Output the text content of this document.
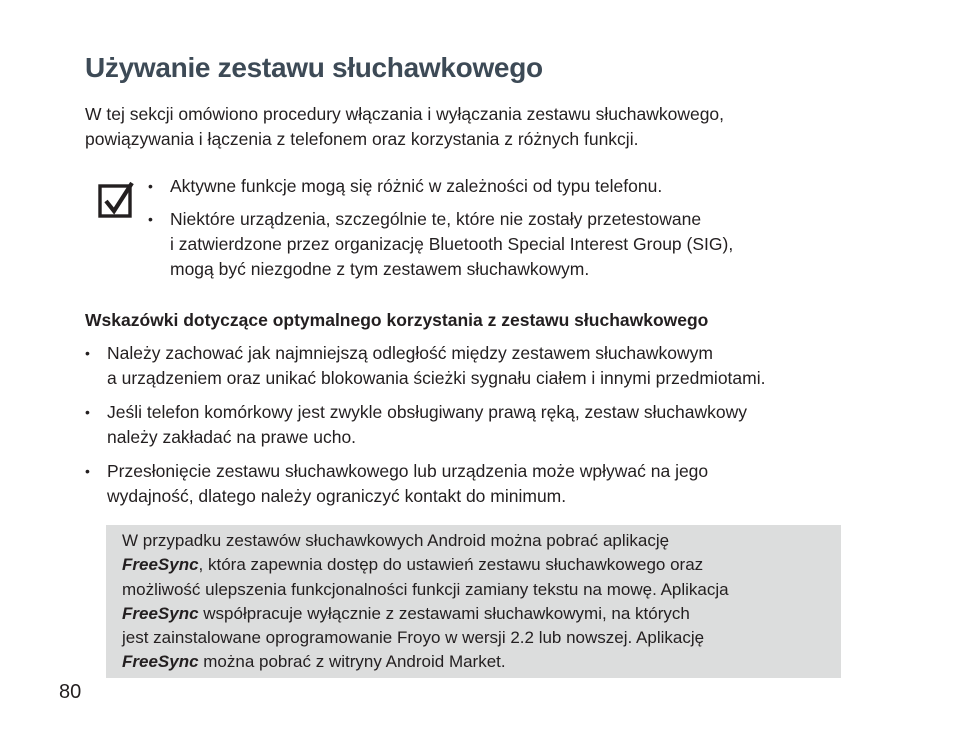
Używanie zestawu słuchawkowego

W tej sekcji omówiono procedury włączania i wyłączania zestawu słuchawkowego,
powiązywania i łączenia z telefonem oraz korzystania z różnych funkcji.

• Aktywne funkcje mogą się różnić w zależności od typu telefonu.
• Niektóre urządzenia, szczególnie te, które nie zostały przetestowane
i zatwierdzone przez organizację Bluetooth Special Interest Group (SIG),
mogą być niezgodne z tym zestawem słuchawkowym.
Wskazówki dotyczące optymalnego korzystania z zestawu słuchawkowego
• Należy zachować jak najmniejszą odległość między zestawem słuchawkowym
a urządzeniem oraz unikać blokowania ścieżki sygnału ciałem i innymi przedmiotami.
• Jeśli telefon komórkowy jest zwykle obsługiwany prawą ręką, zestaw słuchawkowy
należy zakładać na prawe ucho.
• Przesłonięcie zestawu słuchawkowego lub urządzenia może wpływać na jego
wydajność, dlatego należy ograniczyć kontakt do minimum.

W przypadku zestawów słuchawkowych Android można pobrać aplikację

FreeSync, która zapewnia dostęp do ustawień zestawu słuchawkowego oraz

możliwość ulepszenia funkcjonalności funkcji zamiany tekstu na mowę. Aplikacja

FreeSync współpracuje wyłącznie z zestawami słuchawkowymi, na których

jest zainstalowane oprogramowanie Froyo w wersji 2.2 lub nowszej. Aplikację

FreeSync można pobrać z witryny Android Market.

80
